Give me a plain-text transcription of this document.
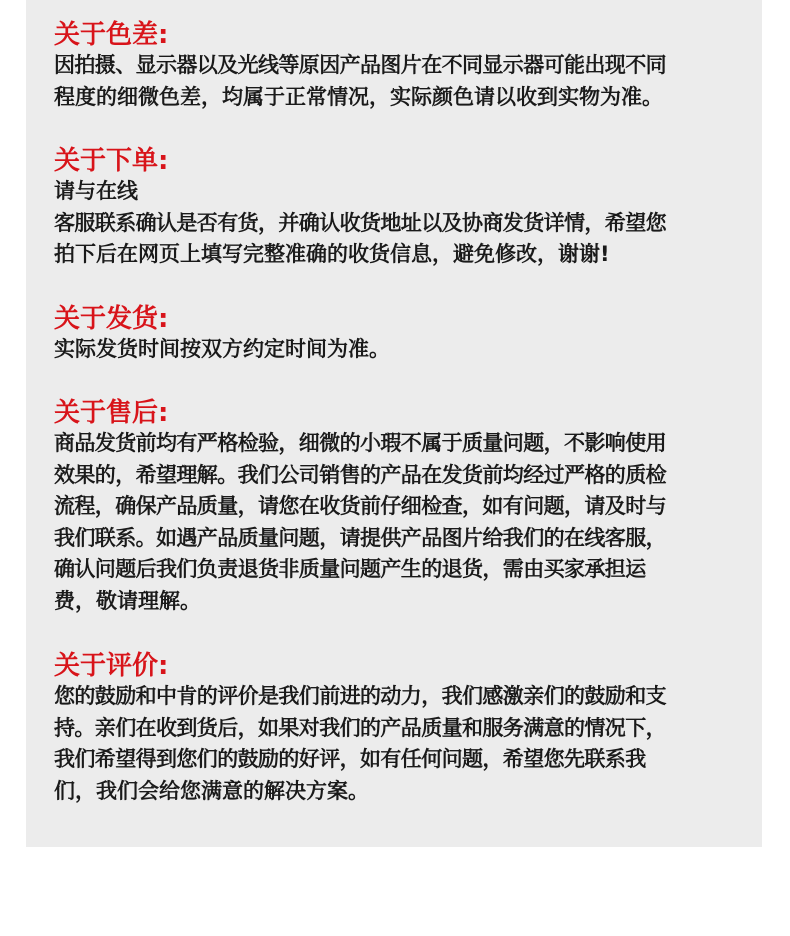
关于色差:
因拍摄、显示器以及光线等原因产品图片在不同显示器可能出现不同
程度的细微色差，均属于正常情况，实际颜色请以收到实物为准。
关于下单:
请与在线
客服联系确认是否有货，并确认收货地址以及协商发货详情，希望您
拍下后在网页上填写完整准确的收货信息，避免修改，谢谢!
关于发货:
实际发货时间按双方约定时间为准。
关于售后:
商品发货前均有严格检验，细微的小瑕不属于质量问题，不影响使用
效果的，希望理解。我们公司销售的产品在发货前均经过严格的质检
流程，确保产品质量，请您在收货前仔细检查，如有问题，请及时与
我们联系。如遇产品质量问题，请提供产品图片给我们的在线客服，
确认问题后我们负责退货非质量问题产生的退货，需由买家承担运
费，敬请理解。
关于评价:
您的鼓励和中肯的评价是我们前进的动力，我们感激亲们的鼓励和支
持。亲们在收到货后，如果对我们的产品质量和服务满意的情况下，
我们希望得到您们的鼓励的好评，如有任何问题，希望您先联系我
们，我们会给您满意的解决方案。
